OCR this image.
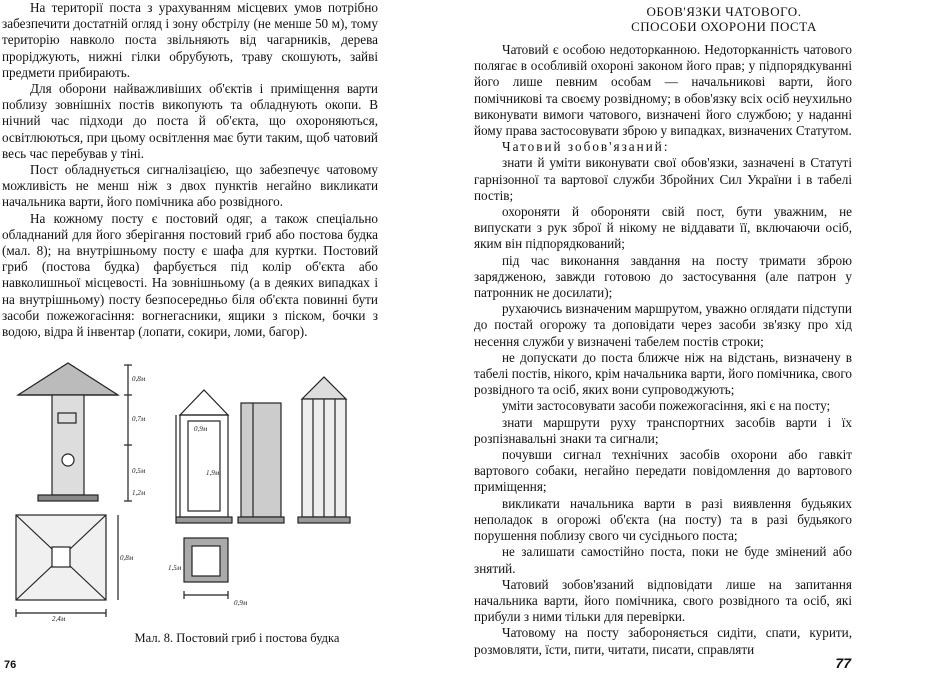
На території поста з урахуванням місцевих умов потрібно забезпечити достатній огляд і зону обстрілу (не менше 50 м), тому територію навколо поста звільняють від чагарників, дерева проріджують, нижні гілки обрубують, траву скошують, зайві предмети прибирають.

Для оборони найважливіших об'єктів і приміщення варти поблизу зовнішніх постів викопують та обладнують окопи. В нічний час підходи до поста й об'єкта, що охороняються, освітлюються, при цьому освітлення має бути таким, щоб чатовий весь час перебував у тіні.

Пост обладнується сигналізацією, що забезпечує чатовому можливість не менш ніж з двох пунктів негайно викликати начальника варти, його помічника або розвідного.

На кожному посту є постовий одяг, а також спеціально обладнаний для його зберігання постовий гриб або постова будка (мал. 8); на внутрішньому посту є шафа для куртки. Постовий гриб (постова будка) фарбується під колір об'єкта або навколишньої місцевості. На зовнішньому (а в деяких випадках і на внутрішньому) посту безпосередньо біля об'єкта повинні бути засоби пожежогасіння: вогнегасники, ящики з піском, бочки з водою, відра й інвентар (лопати, сокири, ломи, багор).

0,8м
0,7м
0,5м
1,2м
0,8м
2,4м
0,9м
1,9м
0,9м
1,5м
Мал. 8. Постовий гриб і постова будка
76
ОБОВ'ЯЗКИ ЧАТОВОГО.
СПОСОБИ ОХОРОНИ ПОСТА

Чатовий є особою недоторканною. Недоторканність чатового полягає в особливій охороні законом його прав; у підпорядкуванні його лише певним особам — начальникові варти, його помічникові та своєму розвідному; в обов'язку всіх осіб неухильно виконувати вимоги чатового, визначені його службою; у наданні йому права застосовувати зброю у випадках, визначених Статутом.

Чатовий зобов'язаний:

знати й уміти виконувати свої обов'язки, зазначені в Статуті гарнізонної та вартової служби Збройних Сил України і в табелі постів;

охороняти й обороняти свій пост, бути уважним, не випускати з рук зброї й нікому не віддавати її, включаючи осіб, яким він підпорядкований;

під час виконання завдання на посту тримати зброю зарядженою, завжди готовою до застосування (але патрон у патронник не досилати);

рухаючись визначеним маршрутом, уважно оглядати підступи до постай огорожу та доповідати через засоби зв'язку про хід несення служби у визначені табелем постів строки;

не допускати до поста ближче ніж на відстань, визначену в табелі постів, нікого, крім начальника варти, його помічника, свого розвідного та осіб, яких вони супроводжують;

уміти застосовувати засоби пожежогасіння, які є на посту;

знати маршрути руху транспортних засобів варти і їх розпізнавальні знаки та сигнали;

почувши сигнал технічних засобів охорони або гавкіт вартового собаки, негайно передати повідомлення до вартового приміщення;

викликати начальника варти в разі виявлення будьяких неполадок в огорожі об'єкта (на посту) та в разі будьякого порушення поблизу свого чи сусіднього поста;

не залишати самостійно поста, поки не буде змінений або знятий.

Чатовий зобов'язаний відповідати лише на запитання начальника варти, його помічника, свого розвідного та осіб, які прибули з ними тільки для перевірки.

Чатовому на посту забороняється сидіти, спати, курити, розмовляти, їсти, пити, читати, писати, справляти

77
